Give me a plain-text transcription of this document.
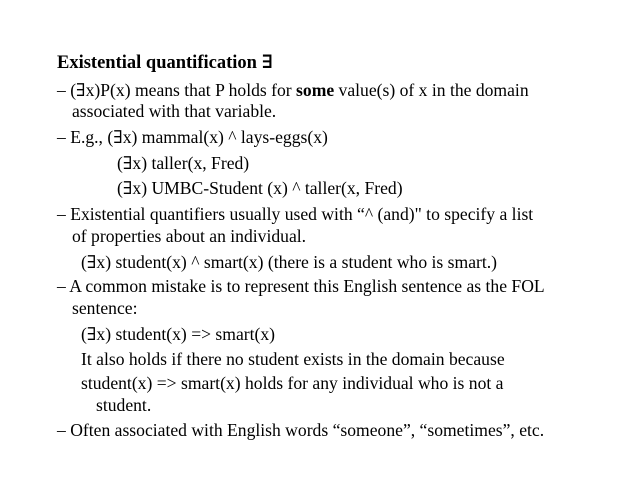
Existential quantification ∃
– (∃x)P(x) means that P holds for some value(s) of x in the domain
associated with that variable.
– E.g., (∃x) mammal(x) ^ lays-eggs(x)
(∃x) taller(x, Fred)
(∃x) UMBC-Student (x) ^ taller(x, Fred)
– Existential quantifiers usually used with “^ (and)" to specify a list
of properties about an individual.
(∃x) student(x) ^ smart(x) (there is a student who is smart.)
– A common mistake is to represent this English sentence as the FOL
sentence:
(∃x) student(x) => smart(x)
It also holds if there no student exists in the domain because
student(x) => smart(x) holds for any individual who is not a
student.
– Often associated with English words “someone”, “sometimes”, etc.
